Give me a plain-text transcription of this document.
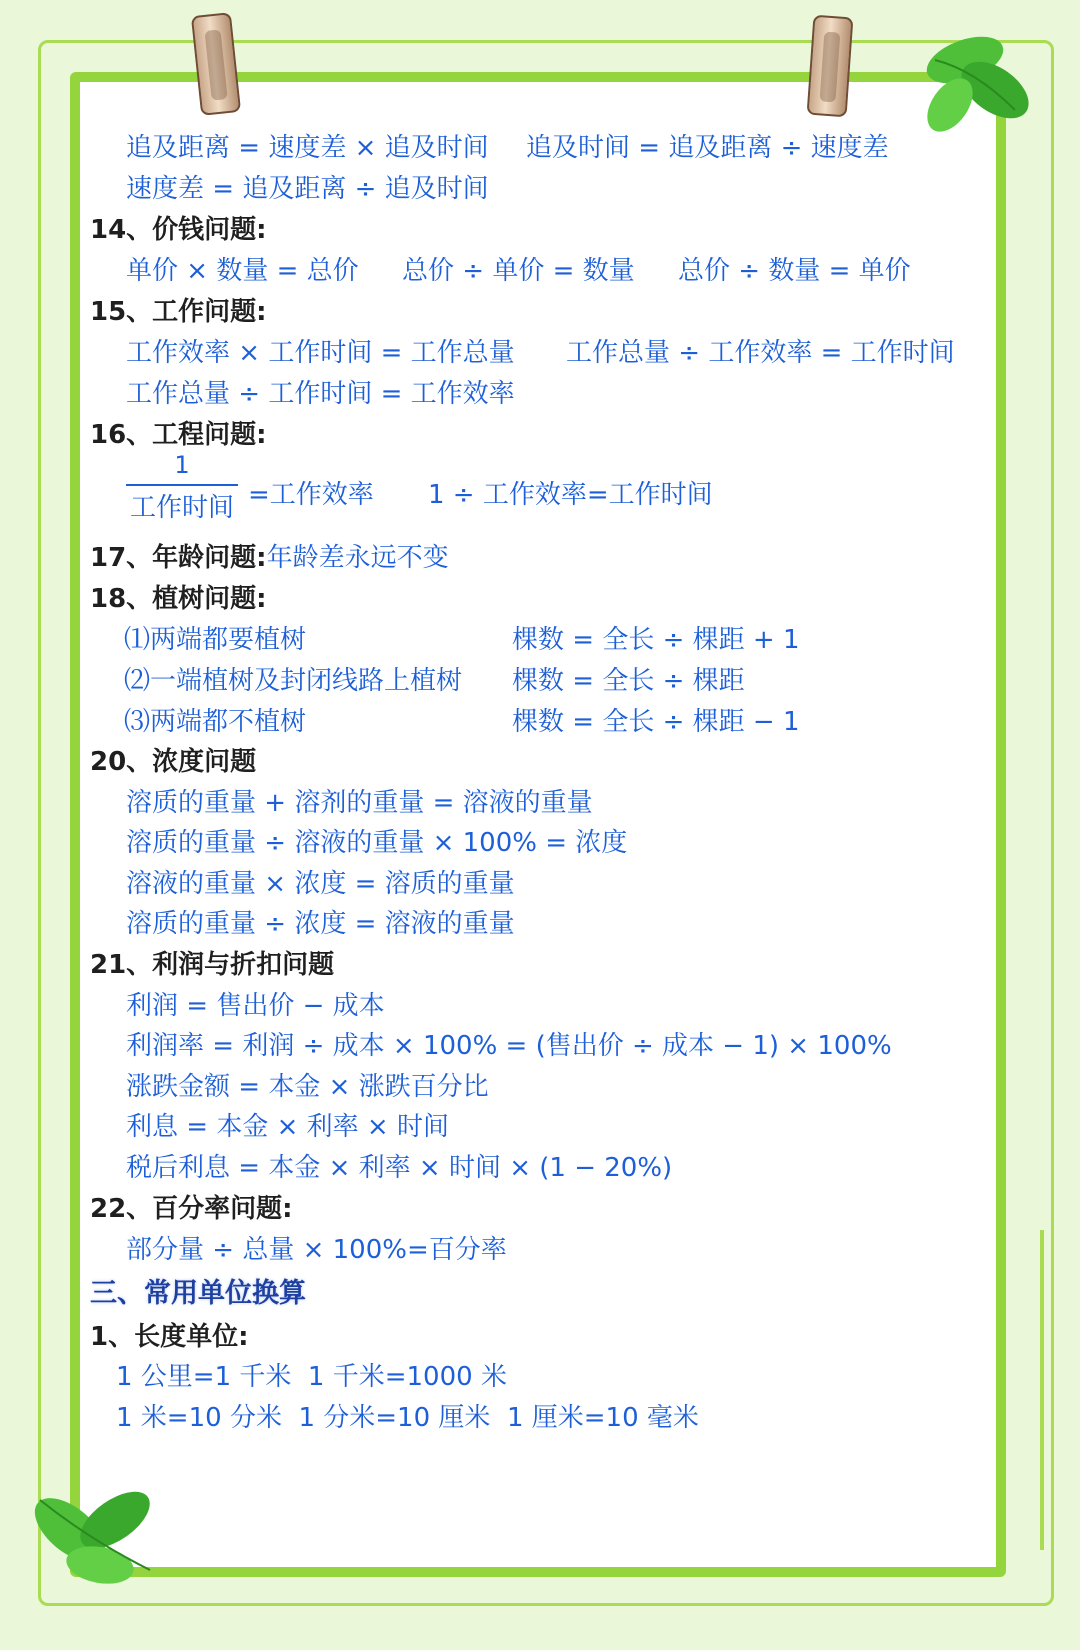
追及距离 = 速度差 × 追及时间 追及时间 = 追及距离 ÷ 速度差
速度差 = 追及距离 ÷ 追及时间
14、价钱问题:
单价 × 数量 = 总价 总价 ÷ 单价 = 数量 总价 ÷ 数量 = 单价
15、工作问题:
工作效率 × 工作时间 = 工作总量 工作总量 ÷ 工作效率 = 工作时间
工作总量 ÷ 工作时间 = 工作效率
16、工程问题:
1
工作时间 =工作效率 1 ÷ 工作效率=工作时间
17、年龄问题:年龄差永远不变
18、植树问题:
⑴两端都要植树	棵数 = 全长 ÷ 棵距 + 1
⑵一端植树及封闭线路上植树 棵数 = 全长 ÷ 棵距
⑶两端都不植树	棵数 = 全长 ÷ 棵距 − 1
20、浓度问题
溶质的重量 + 溶剂的重量 = 溶液的重量
溶质的重量 ÷ 溶液的重量 × 100% = 浓度
溶液的重量 × 浓度 = 溶质的重量
溶质的重量 ÷ 浓度 = 溶液的重量
21、利润与折扣问题
利润 = 售出价 − 成本
利润率 = 利润 ÷ 成本 × 100% = (售出价 ÷ 成本 − 1) × 100%
涨跌金额 = 本金 × 涨跌百分比
利息 = 本金 × 利率 × 时间
税后利息 = 本金 × 利率 × 时间 × (1 − 20%)
22、百分率问题:
部分量 ÷ 总量 × 100%=百分率
三、常用单位换算
1、长度单位:
1 公里=1 千米  1 千米=1000 米
1 米=10 分米  1 分米=10 厘米  1 厘米=10 毫米
